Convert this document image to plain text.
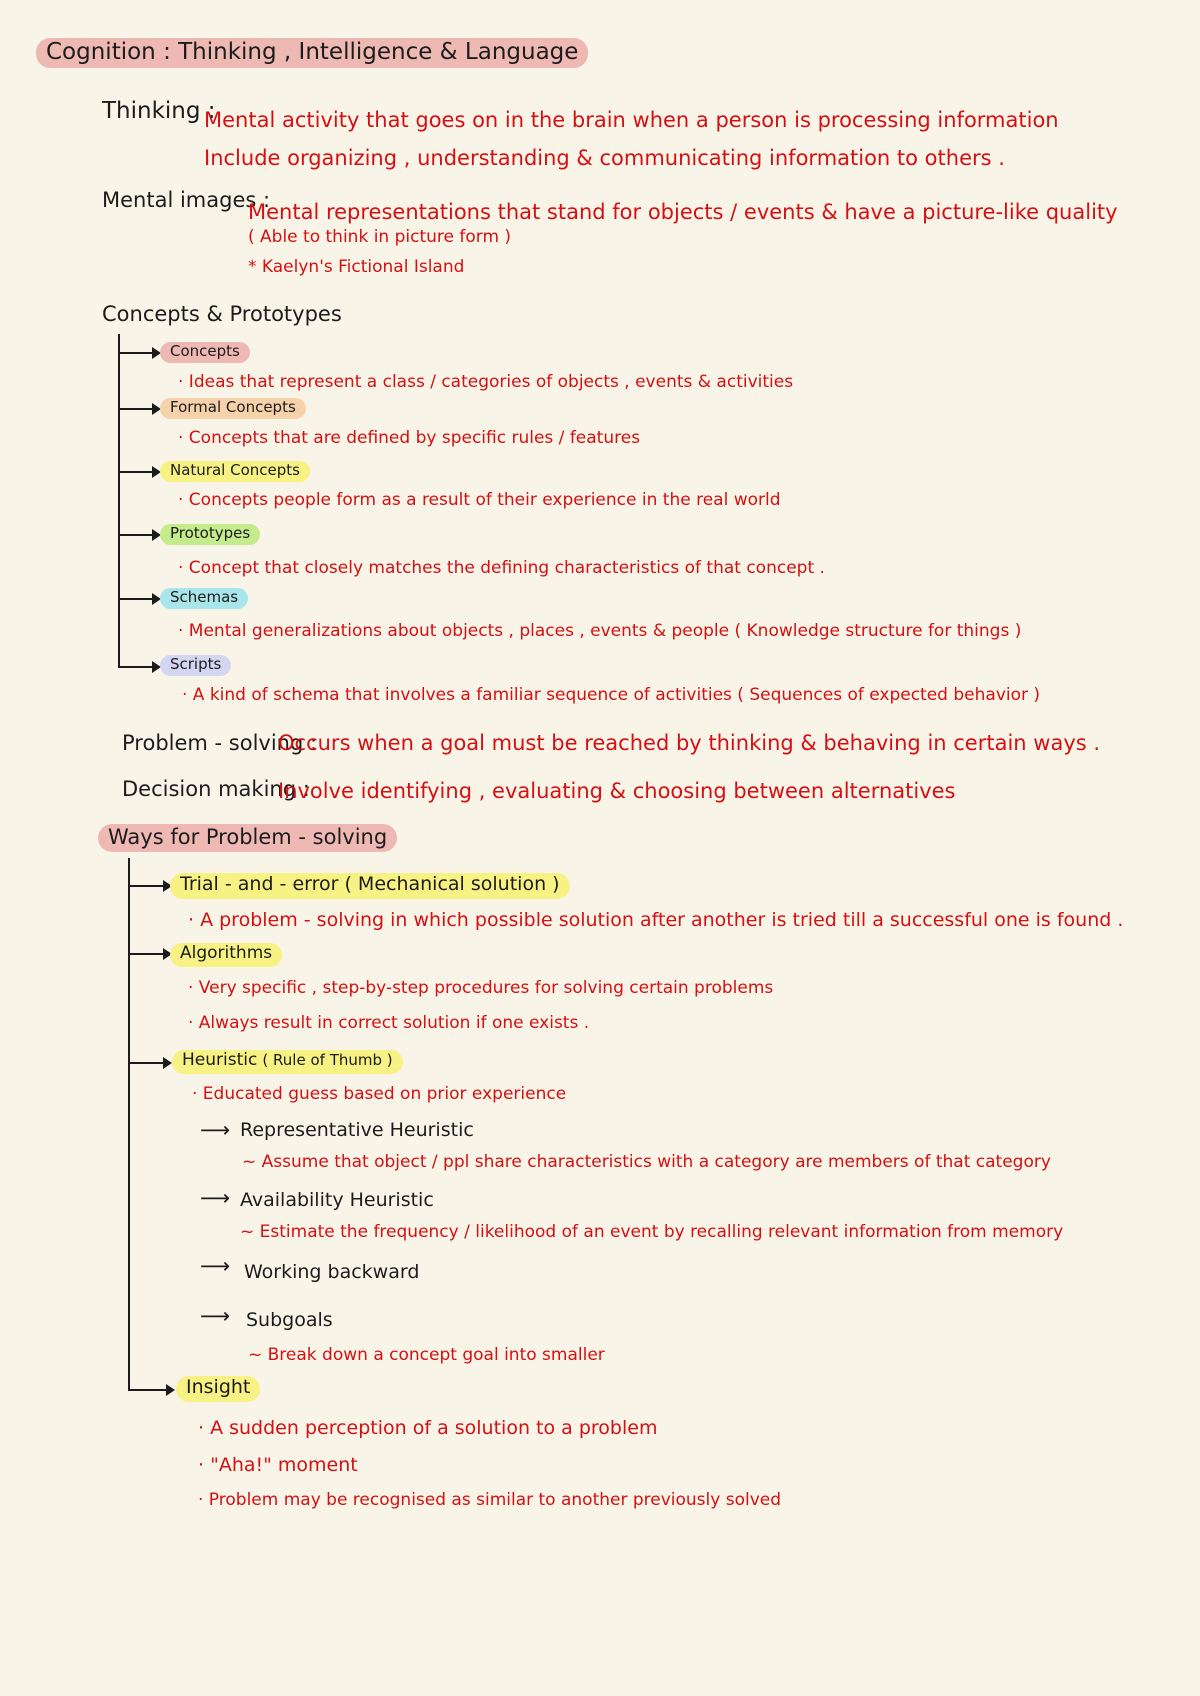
Cognition : Thinking , Intelligence & Language
Thinking :
Mental activity that goes on in the brain when a person is processing information
Include organizing , understanding & communicating information to others .
Mental images :
Mental representations that stand for objects / events & have a picture-like quality
( Able to think in picture form )
* Kaelyn's Fictional Island
Concepts & Prototypes
Concepts
· Ideas that represent a class / categories of objects , events & activities
Formal Concepts
· Concepts that are defined by specific rules / features
Natural Concepts
· Concepts people form as a result of their experience in the real world
Prototypes
· Concept that closely matches the defining characteristics of that concept .
Schemas
· Mental generalizations about objects , places , events & people ( Knowledge structure for things )
Scripts
· A kind of schema that involves a familiar sequence of activities ( Sequences of expected behavior )
Problem - solving :
Occurs when a goal must be reached by thinking & behaving in certain ways .
Decision making :
Involve identifying , evaluating & choosing between alternatives
Ways for Problem - solving
Trial - and - error ( Mechanical solution )
· A problem - solving in which possible solution after another is tried till a successful one is found .
Algorithms
· Very specific , step-by-step procedures for solving certain problems
· Always result in correct solution if one exists .
Heuristic ( Rule of Thumb )
· Educated guess based on prior experience
⟶ Representative Heuristic
~ Assume that object / ppl share characteristics with a category are members of that category
⟶ Availability Heuristic
~ Estimate the frequency / likelihood of an event by recalling relevant information from memory
⟶ Working backward
⟶ Subgoals
~ Break down a concept goal into smaller
Insight
· A sudden perception of a solution to a problem
· "Aha!" moment
· Problem may be recognised as similar to another previously solved
